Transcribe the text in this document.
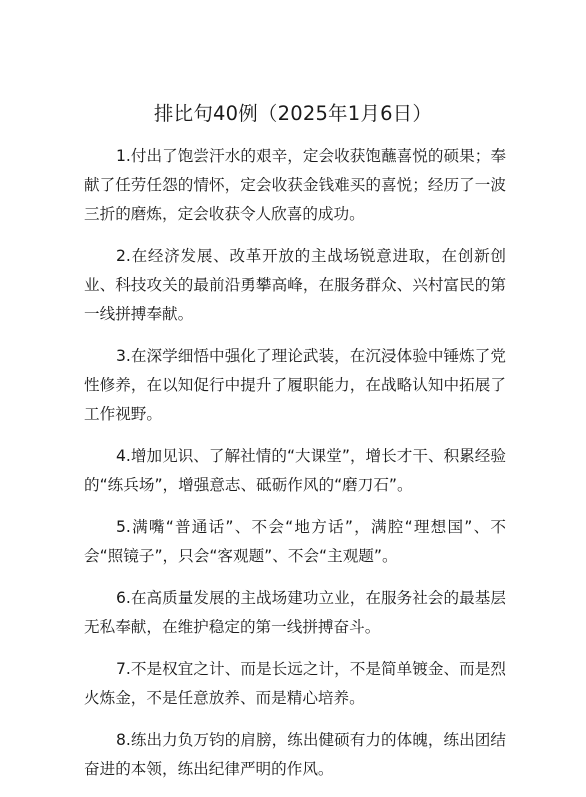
排比句40例（2025年1月6日）

1.付出了饱尝汗水的艰辛，定会收获饱蘸喜悦的硕果；奉献了任劳任怨的情怀，定会收获金钱难买的喜悦；经历了一波三折的磨炼，定会收获令人欣喜的成功。

2.在经济发展、改革开放的主战场锐意进取，在创新创业、科技攻关的最前沿勇攀高峰，在服务群众、兴村富民的第一线拼搏奉献。

3.在深学细悟中强化了理论武装，在沉浸体验中锤炼了党性修养，在以知促行中提升了履职能力，在战略认知中拓展了工作视野。

4.增加见识、了解社情的“大课堂”，增长才干、积累经验的“练兵场”，增强意志、砥砺作风的“磨刀石”。

5.满嘴“普通话”、不会“地方话”，满腔“理想国”、不会“照镜子”，只会“客观题”、不会“主观题”。

6.在高质量发展的主战场建功立业，在服务社会的最基层无私奉献，在维护稳定的第一线拼搏奋斗。

7.不是权宜之计、而是长远之计，不是简单镀金、而是烈火炼金，不是任意放养、而是精心培养。

8.练出力负万钧的肩膀，练出健硕有力的体魄，练出团结奋进的本领，练出纪律严明的作风。
